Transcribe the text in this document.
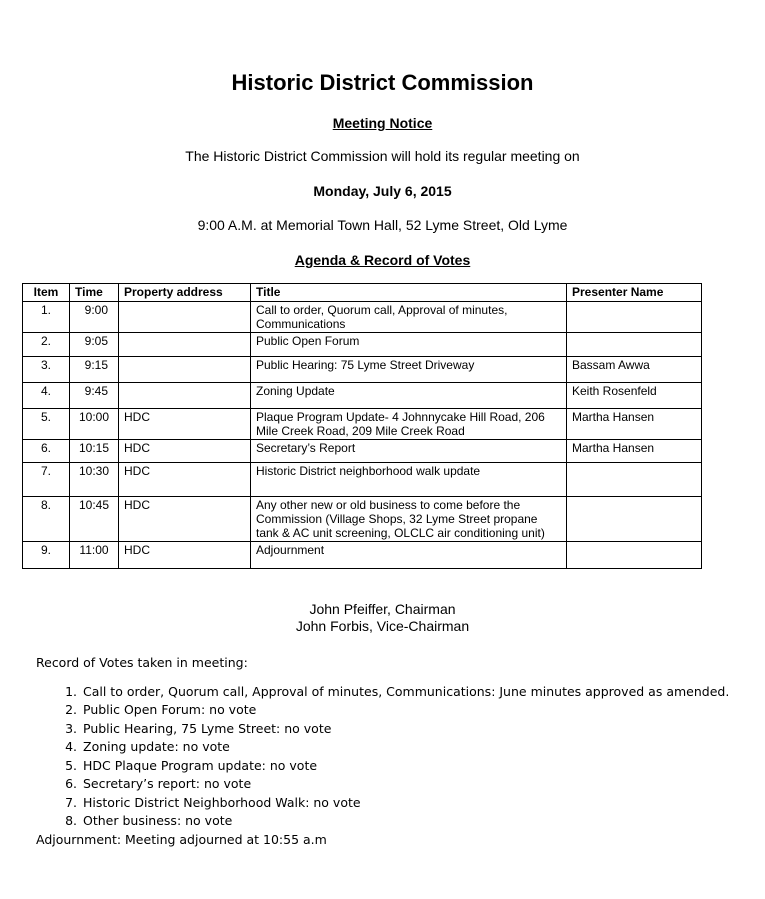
Historic District Commission
Meeting Notice
The Historic District Commission will hold its regular meeting on
Monday, July 6, 2015
9:00 A.M. at Memorial Town Hall, 52 Lyme Street, Old Lyme
Agenda & Record of Votes
Item	Time	Property address	Title	Presenter Name
1.	9:00		Call to order, Quorum call, Approval of minutes, Communications	
2.	9:05		Public Open Forum	
3.	9:15		Public Hearing: 75 Lyme Street Driveway	Bassam Awwa
4.	9:45		Zoning Update	Keith Rosenfeld
5.	10:00	HDC	Plaque Program Update- 4 Johnnycake Hill Road, 206 Mile Creek Road, 209 Mile Creek Road	Martha Hansen
6.	10:15	HDC	Secretary’s Report	Martha Hansen
7.	10:30	HDC	Historic District neighborhood walk update	
8.	10:45	HDC	Any other new or old business to come before the Commission (Village Shops, 32 Lyme Street propane tank & AC unit screening, OLCLC air conditioning unit)	
9.	11:00	HDC	Adjournment	
John Pfeiffer, Chairman
John Forbis, Vice-Chairman
Record of Votes taken in meeting:
1. Call to order, Quorum call, Approval of minutes, Communications: June minutes approved as amended.
2. Public Open Forum: no vote
3. Public Hearing, 75 Lyme Street: no vote
4. Zoning update: no vote
5. HDC Plaque Program update: no vote
6. Secretary’s report: no vote
7. Historic District Neighborhood Walk: no vote
8. Other business: no vote
Adjournment: Meeting adjourned at 10:55 a.m
